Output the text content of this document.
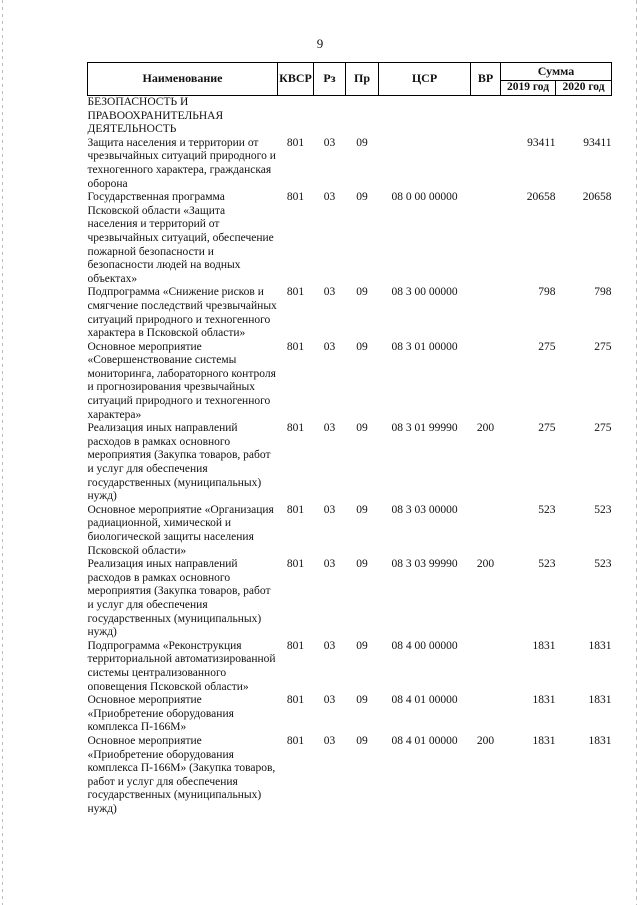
9
Наименование	КВСР	Рз	Пр	ЦСР	ВР	Сумма	
						2019 год	2020 год
БЕЗОПАСНОСТЬ И ПРАВООХРАНИТЕЛЬНАЯ ДЕЯТЕЛЬНОСТЬ							
Защита населения и территории от чрезвычайных ситуаций природного и техногенного характера, гражданская оборона	801	03	09			93411	93411
Государственная программа Псковской области «Защита населения и территорий от чрезвычайных ситуаций, обеспечение пожарной безопасности и безопасности людей на водных объектах»	801	03	09	08 0 00 00000		20658	20658
Подпрограмма «Снижение рисков и смягчение последствий чрезвычайных ситуаций природного и техногенного характера в Псковской области»	801	03	09	08 3 00 00000		798	798
Основное мероприятие «Совершенствование системы мониторинга, лабораторного контроля и прогнозирования чрезвычайных ситуаций природного и техногенного характера»	801	03	09	08 3 01 00000		275	275
Реализация иных направлений расходов в рамках основного мероприятия (Закупка товаров, работ и услуг для обеспечения государственных (муниципальных) нужд)	801	03	09	08 3 01 99990	200	275	275
Основное мероприятие «Организация радиационной, химической и биологической защиты населения Псковской области»	801	03	09	08 3 03 00000		523	523
Реализация иных направлений расходов в рамках основного мероприятия (Закупка товаров, работ и услуг для обеспечения государственных (муниципальных) нужд)	801	03	09	08 3 03 99990	200	523	523
Подпрограмма «Реконструкция территориальной автоматизированной системы централизованного оповещения Псковской области»	801	03	09	08 4 00 00000		1831	1831
Основное мероприятие «Приобретение оборудования комплекса П-166М»	801	03	09	08 4 01 00000		1831	1831
Основное мероприятие «Приобретение оборудования комплекса П-166М» (Закупка товаров, работ и услуг для обеспечения государственных (муниципальных) нужд)	801	03	09	08 4 01 00000	200	1831	1831
